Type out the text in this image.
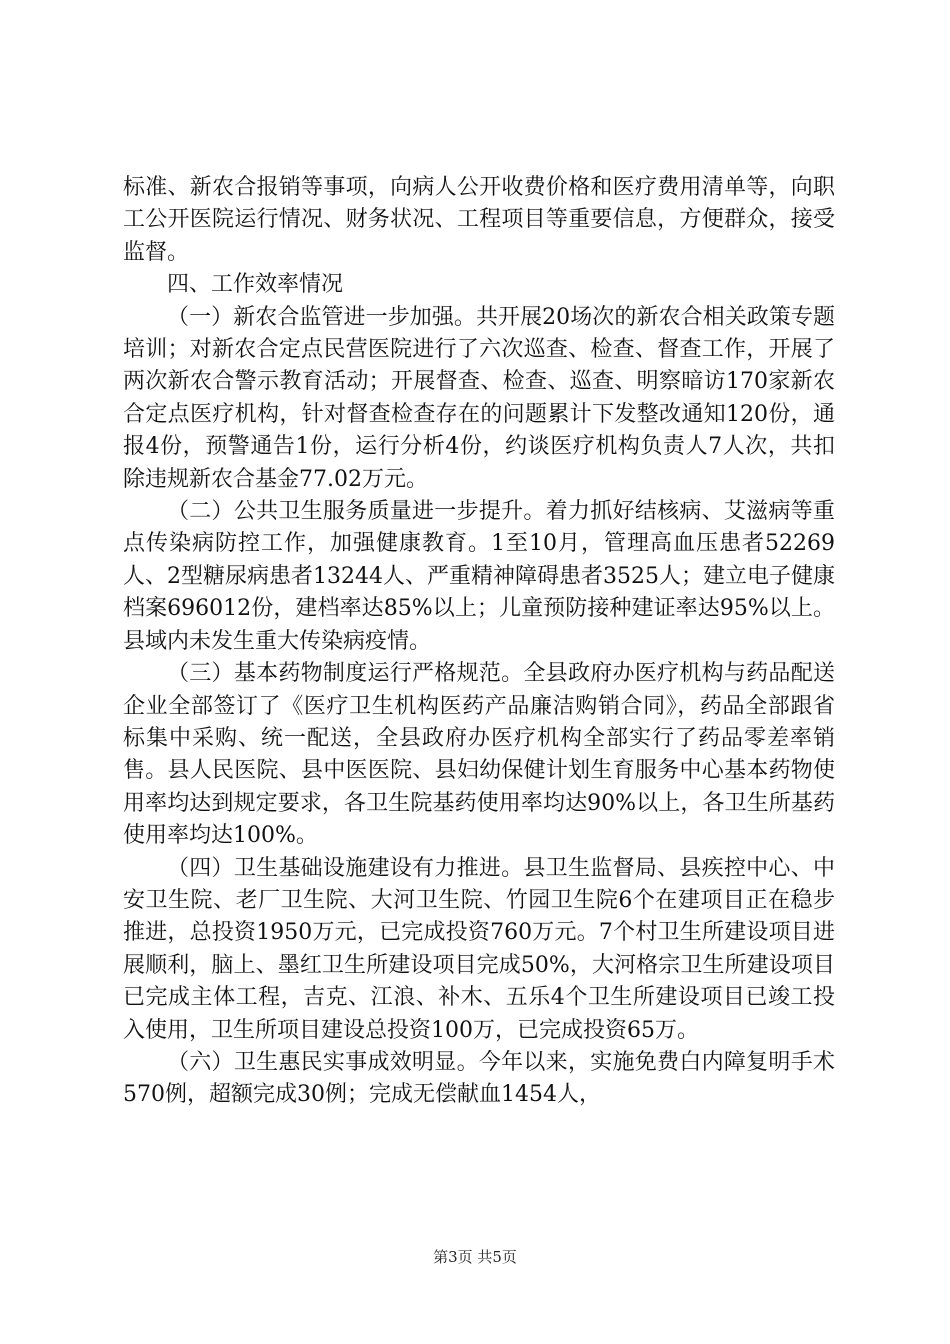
标准、新农合报销等事项，向病人公开收费价格和医疗费用清单等，向职工公开医院运行情况、财务状况、工程项目等重要信息，方便群众，接受监督。

四、工作效率情况

（一）新农合监管进一步加强。共开展20场次的新农合相关政策专题培训；对新农合定点民营医院进行了六次巡查、检查、督查工作，开展了两次新农合警示教育活动；开展督查、检查、巡查、明察暗访170家新农合定点医疗机构，针对督查检查存在的问题累计下发整改通知120份，通报4份，预警通告1份，运行分析4份，约谈医疗机构负责人7人次，共扣除违规新农合基金77.02万元。

（二）公共卫生服务质量进一步提升。着力抓好结核病、艾滋病等重点传染病防控工作，加强健康教育。1至10月，管理高血压患者52269人、2型糖尿病患者13244人、严重精神障碍患者3525人；建立电子健康档案696012份，建档率达85%以上；儿童预防接种建证率达95%以上。县域内未发生重大传染病疫情。

（三）基本药物制度运行严格规范。全县政府办医疗机构与药品配送企业全部签订了《医疗卫生机构医药产品廉洁购销合同》，药品全部跟省标集中采购、统一配送，全县政府办医疗机构全部实行了药品零差率销售。县人民医院、县中医医院、县妇幼保健计划生育服务中心基本药物使用率均达到规定要求，各卫生院基药使用率均达90%以上，各卫生所基药使用率均达100%。

（四）卫生基础设施建设有力推进。县卫生监督局、县疾控中心、中安卫生院、老厂卫生院、大河卫生院、竹园卫生院6个在建项目正在稳步推进，总投资1950万元，已完成投资760万元。7个村卫生所建设项目进展顺利，脑上、墨红卫生所建设项目完成50%，大河格宗卫生所建设项目已完成主体工程，吉克、江浪、补木、五乐4个卫生所建设项目已竣工投入使用，卫生所项目建设总投资100万，已完成投资65万。

（六）卫生惠民实事成效明显。今年以来，实施免费白内障复明手术570例，超额完成30例；完成无偿献血1454人，

第3页 共5页
